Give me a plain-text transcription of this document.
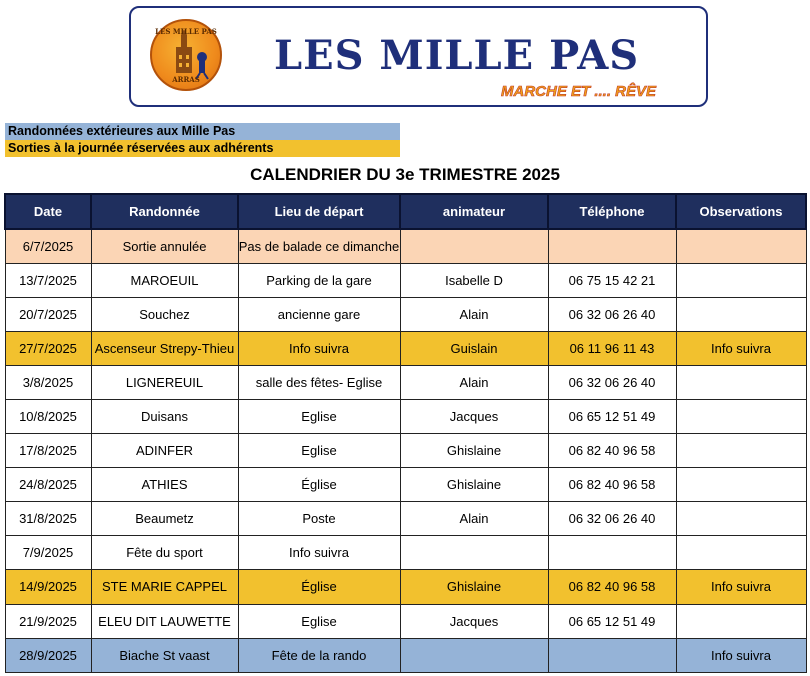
LES MILLE PAS
ARRAS
LES MILLE PAS
MARCHE ET .... RÊVE
Randonnées extérieures aux Mille Pas
Sorties à la journée réservées aux adhérents
CALENDRIER DU 3e TRIMESTRE 2025
Date	Randonnée	Lieu de départ	animateur	Téléphone	Observations
6/7/2025	Sortie annulée	Pas de balade ce dimanche			
13/7/2025	MAROEUIL	Parking de la gare	Isabelle D	06 75 15 42 21	
20/7/2025	Souchez	ancienne gare	Alain	06 32 06 26 40	
27/7/2025	Ascenseur Strepy-Thieu	Info suivra	Guislain	06 11 96 11 43	Info suivra
3/8/2025	LIGNEREUIL	salle des fêtes- Eglise	Alain	06 32 06 26 40	
10/8/2025	Duisans	Eglise	Jacques	06 65 12 51 49	
17/8/2025	ADINFER	Eglise	Ghislaine	06 82 40 96 58	
24/8/2025	ATHIES	Église	Ghislaine	06 82 40 96 58	
31/8/2025	Beaumetz	Poste	Alain	06 32 06 26 40	
7/9/2025	Fête du sport	Info suivra			
14/9/2025	STE MARIE CAPPEL	Église	Ghislaine	06 82 40 96 58	Info suivra
21/9/2025	ELEU DIT LAUWETTE	Eglise	Jacques	06 65 12 51 49	
28/9/2025	Biache St vaast	Fête de la rando			Info suivra
